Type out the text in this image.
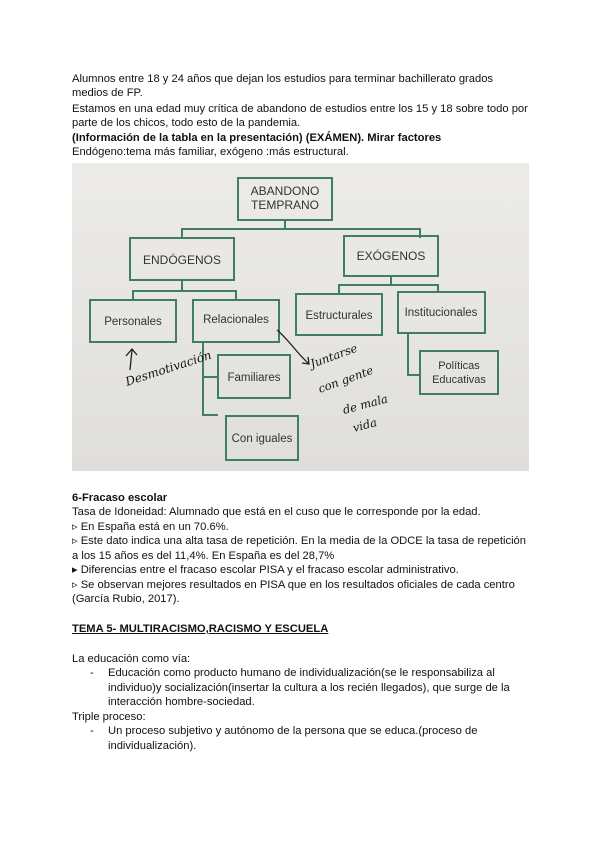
Alumnos entre 18 y 24 años que dejan los estudios para terminar bachillerato grados

medios de FP.

Estamos en una edad muy crítica de abandono de estudios entre los 15 y 18 sobre todo por

parte de los chicos, todo esto de la pandemia.

(Información de la tabla en la presentación) (EXÁMEN). Mirar factores

Endógeno:tema más familiar, exógeno :más estructural.

ABANDONO
TEMPRANO
ENDÓGENOS	EXÓGENOS
Personales	Relacionales	Estructurales	Institucionales
Familiares
Con iguales
Políticas
Educativas
Desmotivación	Juntarse
con gente
de mala
vida

6-Fracaso escolar

Tasa de Idoneidad: Alumnado que está en el cuso que le corresponde por la edad.

▹ En España está en un 70.6%.

▹ Este dato indica una alta tasa de repetición. En la media de la ODCE la tasa de repetición

a los 15 años es del 11,4%. En España es del 28,7%

▸ Diferencias entre el fracaso escolar PISA y el fracaso escolar administrativo.

▹ Se observan mejores resultados en PISA que en los resultados oficiales de cada centro

(García Rubio, 2017).

TEMA 5- MULTIRACISMO,RACISMO Y ESCUELA

La educación como vía:

- Educación como producto humano de individualización(se le responsabiliza al

individuo)y socialización(insertar la cultura a los recién llegados), que surge de la

interacción hombre-sociedad.

Triple proceso:

- Un proceso subjetivo y autónomo de la persona que se educa.(proceso de

individualización).
